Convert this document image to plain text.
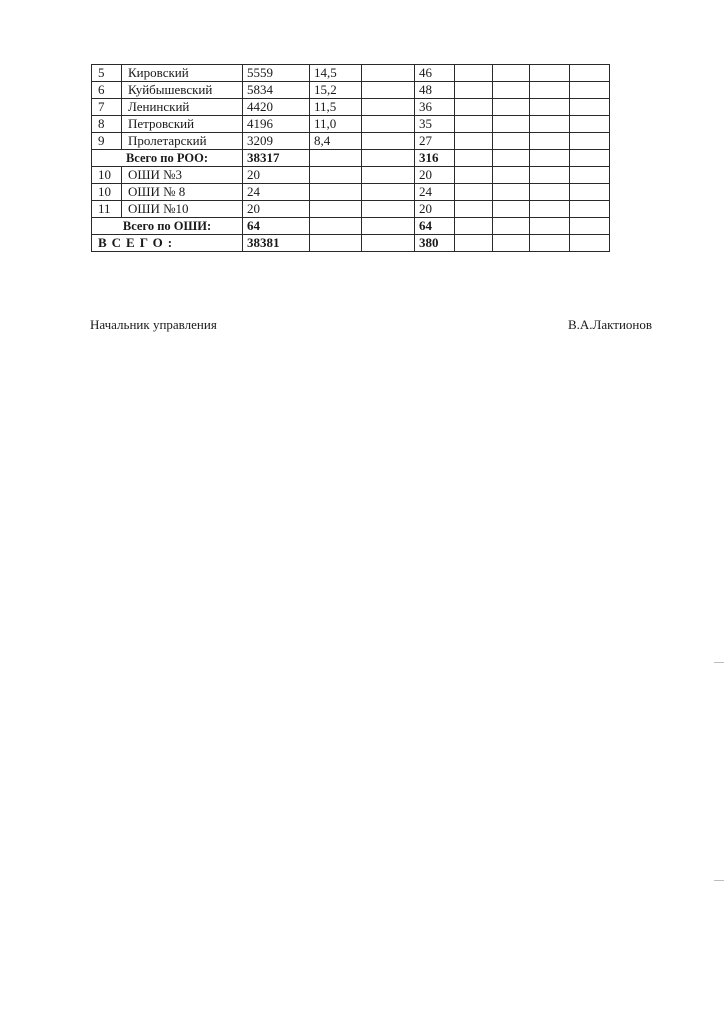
5	Кировский	5559	14,5		46				
6	Куйбышевский	5834	15,2		48				
7	Ленинский	4420	11,5		36				
8	Петровский	4196	11,0		35				
9	Пролетарский	3209	8,4		27				
Всего по РОО:		38317			316				
10	ОШИ №3	20			20				
10	ОШИ № 8	24			24				
11	ОШИ №10	20			20				
Всего по ОШИ:		64			64				
ВСЕГО:		38381			380				
Начальник управления	В.А.Лактионов
